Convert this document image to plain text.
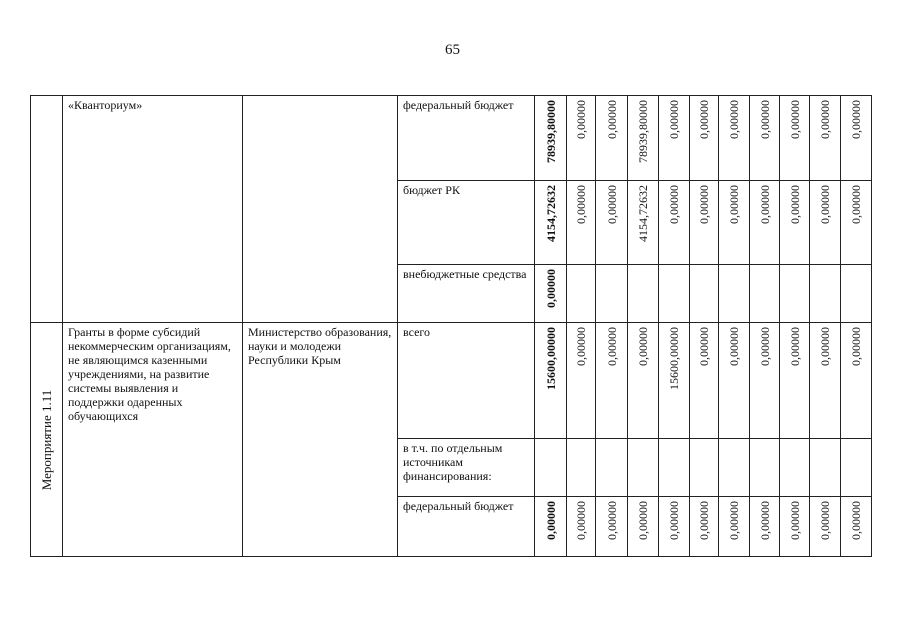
65

	«Кванториум»		федеральный бюджет	78939,80000	0,00000	0,00000	78939,80000	0,00000	0,00000	0,00000	0,00000	0,00000	0,00000	0,00000

			бюджет РК	4154,72632	0,00000	0,00000	4154,72632	0,00000	0,00000	0,00000	0,00000	0,00000	0,00000	0,00000

			внебюджетные средства	0,00000										

Мероприятие 1.11	Гранты в форме субсидий некоммерческим организациям, не являющимся казенными учреждениями, на развитие системы выявления и поддержки одаренных обучающихся	Министерство образования, науки и молодежи Республики Крым	всего	15600,00000	0,00000	0,00000	0,00000	15600,00000	0,00000	0,00000	0,00000	0,00000	0,00000	0,00000

			в т.ч. по отдельным источникам финансирования:											

			федеральный бюджет	0,00000	0,00000	0,00000	0,00000	0,00000	0,00000	0,00000	0,00000	0,00000	0,00000	0,00000
